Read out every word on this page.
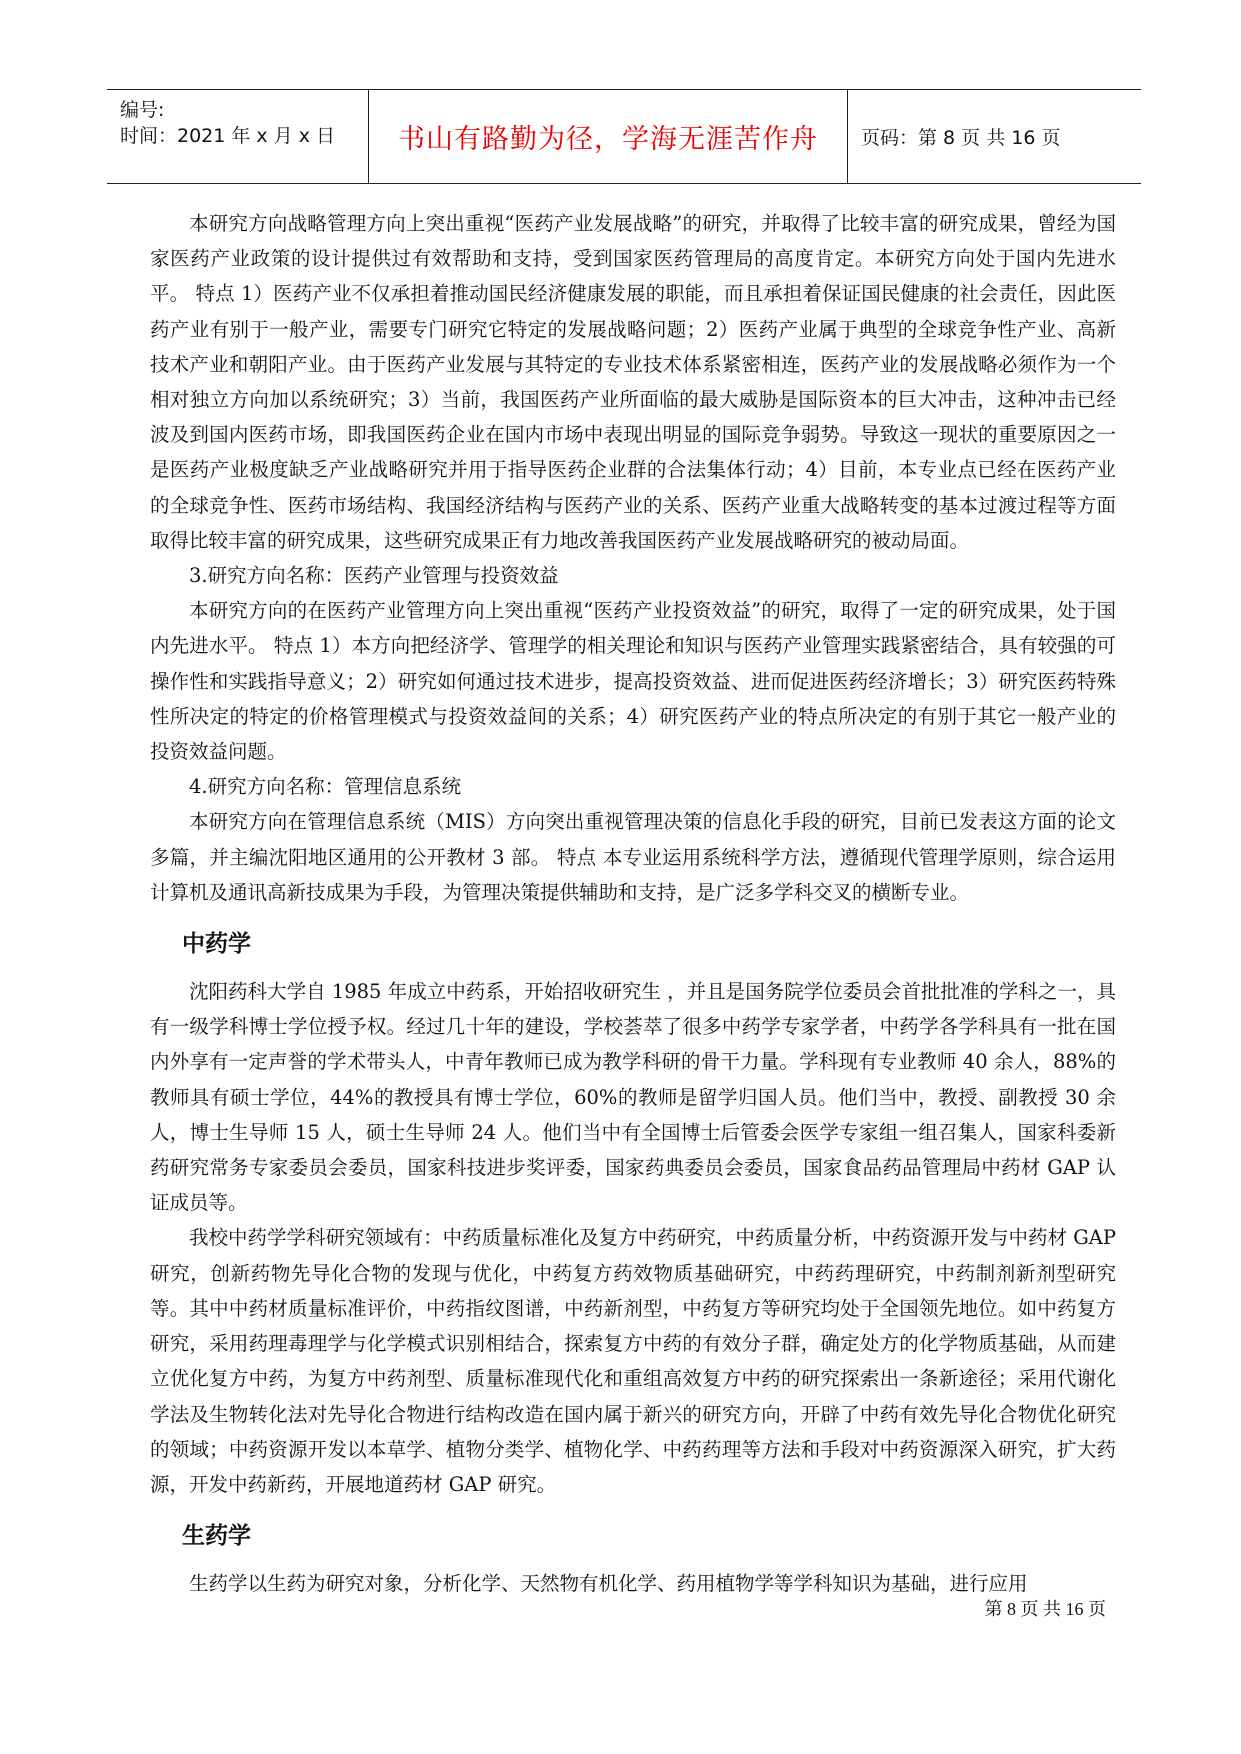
编号:
时间：2021 年 x 月 x 日	书山有路勤为径，学海无涯苦作舟	页码：第 8 页 共 16 页

本研究方向战略管理方向上突出重视“医药产业发展战略”的研究，并取得了比较丰富的研究成果，曾经为国家医药产业政策的设计提供过有效帮助和支持，受到国家医药管理局的高度肯定。本研究方向处于国内先进水平。 特点 1）医药产业不仅承担着推动国民经济健康发展的职能，而且承担着保证国民健康的社会责任，因此医药产业有别于一般产业，需要专门研究它特定的发展战略问题；2）医药产业属于典型的全球竞争性产业、高新技术产业和朝阳产业。由于医药产业发展与其特定的专业技术体系紧密相连，医药产业的发展战略必须作为一个相对独立方向加以系统研究；3）当前，我国医药产业所面临的最大威胁是国际资本的巨大冲击，这种冲击已经波及到国内医药市场，即我国医药企业在国内市场中表现出明显的国际竞争弱势。导致这一现状的重要原因之一是医药产业极度缺乏产业战略研究并用于指导医药企业群的合法集体行动；4）目前，本专业点已经在医药产业的全球竞争性、医药市场结构、我国经济结构与医药产业的关系、医药产业重大战略转变的基本过渡过程等方面取得比较丰富的研究成果，这些研究成果正有力地改善我国医药产业发展战略研究的被动局面。

3.研究方向名称：医药产业管理与投资效益

本研究方向的在医药产业管理方向上突出重视“医药产业投资效益”的研究，取得了一定的研究成果，处于国内先进水平。 特点 1）本方向把经济学、管理学的相关理论和知识与医药产业管理实践紧密结合，具有较强的可操作性和实践指导意义；2）研究如何通过技术进步，提高投资效益、进而促进医药经济增长；3）研究医药特殊性所决定的特定的价格管理模式与投资效益间的关系；4）研究医药产业的特点所决定的有别于其它一般产业的投资效益问题。

4.研究方向名称：管理信息系统

本研究方向在管理信息系统（MIS）方向突出重视管理决策的信息化手段的研究，目前已发表这方面的论文多篇，并主编沈阳地区通用的公开教材 3 部。 特点 本专业运用系统科学方法，遵循现代管理学原则，综合运用计算机及通讯高新技成果为手段，为管理决策提供辅助和支持，是广泛多学科交叉的横断专业。

中药学

沈阳药科大学自 1985 年成立中药系，开始招收研究生 ，并且是国务院学位委员会首批批准的学科之一，具有一级学科博士学位授予权。经过几十年的建设，学校荟萃了很多中药学专家学者，中药学各学科具有一批在国内外享有一定声誉的学术带头人，中青年教师已成为教学科研的骨干力量。学科现有专业教师 40 余人，88%的教师具有硕士学位，44%的教授具有博士学位，60%的教师是留学归国人员。他们当中，教授、副教授 30 余人，博士生导师 15 人，硕士生导师 24 人。他们当中有全国博士后管委会医学专家组一组召集人，国家科委新药研究常务专家委员会委员，国家科技进步奖评委，国家药典委员会委员，国家食品药品管理局中药材 GAP 认证成员等。

我校中药学学科研究领域有：中药质量标准化及复方中药研究，中药质量分析，中药资源开发与中药材 GAP 研究，创新药物先导化合物的发现与优化，中药复方药效物质基础研究，中药药理研究，中药制剂新剂型研究等。其中中药材质量标准评价，中药指纹图谱，中药新剂型，中药复方等研究均处于全国领先地位。如中药复方研究，采用药理毒理学与化学模式识别相结合，探索复方中药的有效分子群，确定处方的化学物质基础，从而建立优化复方中药，为复方中药剂型、质量标准现代化和重组高效复方中药的研究探索出一条新途径；采用代谢化学法及生物转化法对先导化合物进行结构改造在国内属于新兴的研究方向，开辟了中药有效先导化合物优化研究的领域；中药资源开发以本草学、植物分类学、植物化学、中药药理等方法和手段对中药资源深入研究，扩大药源，开发中药新药，开展地道药材 GAP 研究。

生药学

生药学以生药为研究对象，分析化学、天然物有机化学、药用植物学等学科知识为基础，进行应用

第 8 页 共 16 页
